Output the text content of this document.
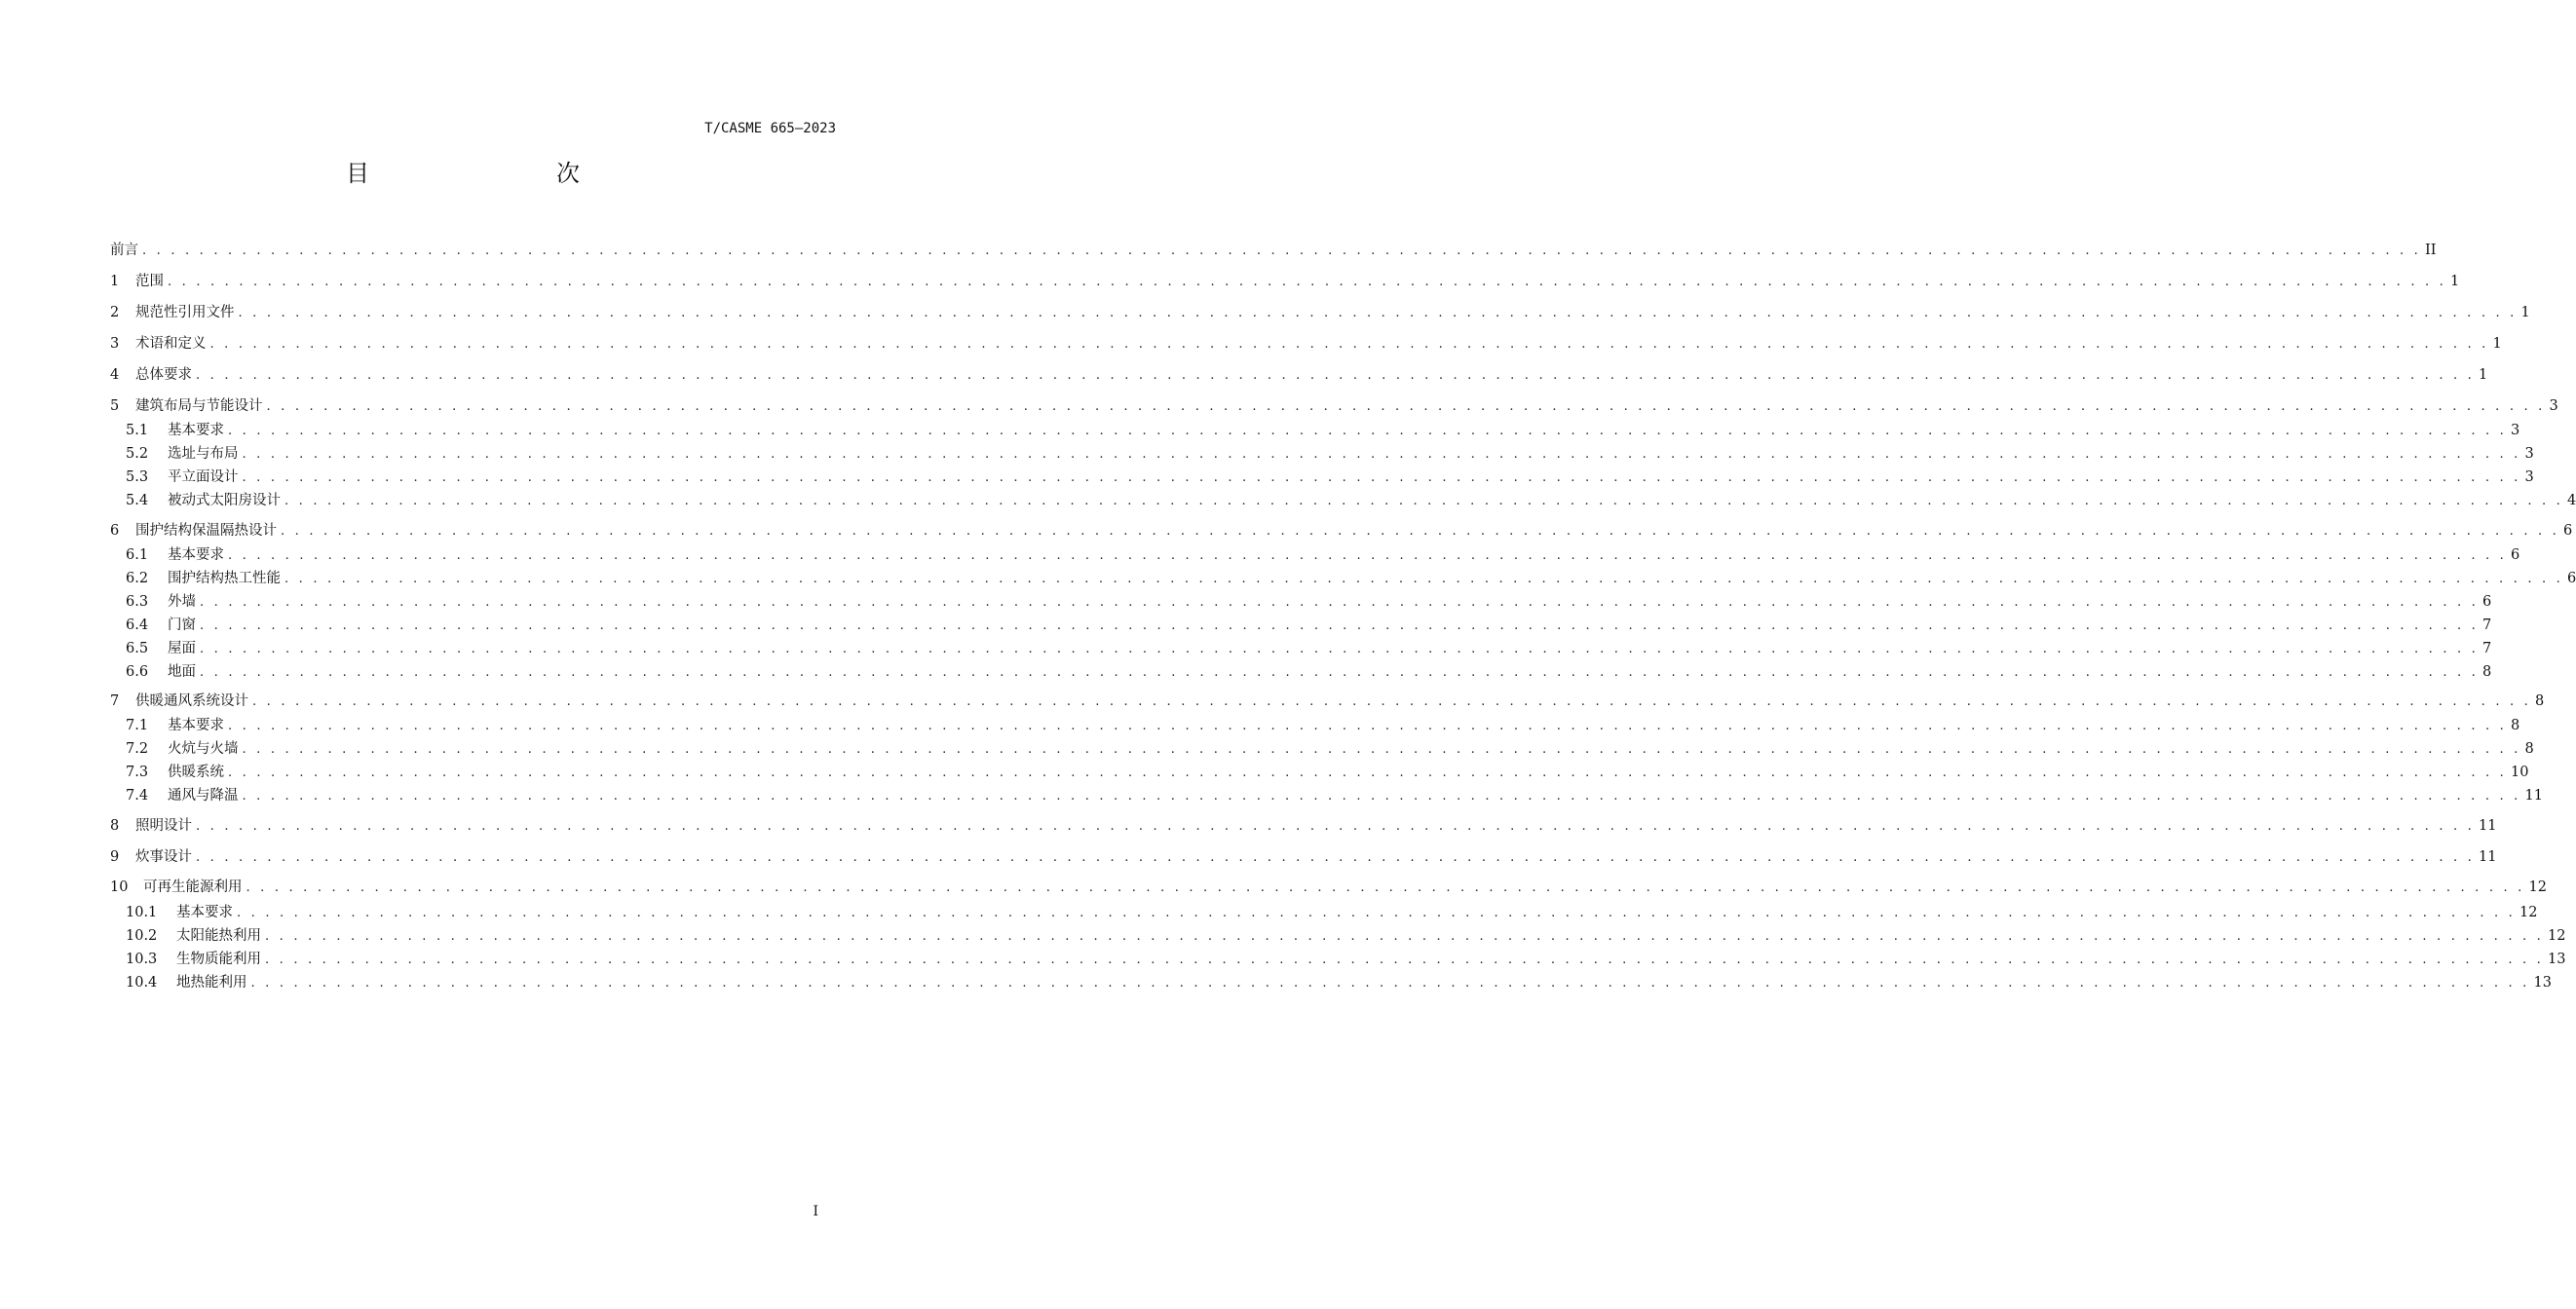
T/CASME 665—2023
目　　次
前言 . . . . . . . . . . . . . . . . . . . . . . . . . . . . . . . . . . . . . . . . . . . . . . . . . . . . . . . . . . . . . . . . . . . . . . . . . . . . . . . . . . . . . . . . . . . . . . . . . . . . . . . . . . . . . . . . . . . . . . . . . . . . . . . . . . . . . . . . . . . . . . . . . . . . . . . . . . . . . . . . II
1	范围 . . . . . . . . . . . . . . . . . . . . . . . . . . . . . . . . . . . . . . . . . . . . . . . . . . . . . . . . . . . . . . . . . . . . . . . . . . . . . . . . . . . . . . . . . . . . . . . . . . . . . . . . . . . . . . . . . . . . . . . . . . . . . . . . . . . . . . . . . . . . . . . . . . . . . . . . . . . . . . . . 1
2	规范性引用文件 . . . . . . . . . . . . . . . . . . . . . . . . . . . . . . . . . . . . . . . . . . . . . . . . . . . . . . . . . . . . . . . . . . . . . . . . . . . . . . . . . . . . . . . . . . . . . . . . . . . . . . . . . . . . . . . . . . . . . . . . . . . . . . . . . . . . . . . . . . . . . . . . . . . . . . . . . . . . . . . . 1
3	术语和定义 . . . . . . . . . . . . . . . . . . . . . . . . . . . . . . . . . . . . . . . . . . . . . . . . . . . . . . . . . . . . . . . . . . . . . . . . . . . . . . . . . . . . . . . . . . . . . . . . . . . . . . . . . . . . . . . . . . . . . . . . . . . . . . . . . . . . . . . . . . . . . . . . . . . . . . . . . . . . . . . . 1
4	总体要求 . . . . . . . . . . . . . . . . . . . . . . . . . . . . . . . . . . . . . . . . . . . . . . . . . . . . . . . . . . . . . . . . . . . . . . . . . . . . . . . . . . . . . . . . . . . . . . . . . . . . . . . . . . . . . . . . . . . . . . . . . . . . . . . . . . . . . . . . . . . . . . . . . . . . . . . . . . . . . . . . 1
5	建筑布局与节能设计 . . . . . . . . . . . . . . . . . . . . . . . . . . . . . . . . . . . . . . . . . . . . . . . . . . . . . . . . . . . . . . . . . . . . . . . . . . . . . . . . . . . . . . . . . . . . . . . . . . . . . . . . . . . . . . . . . . . . . . . . . . . . . . . . . . . . . . . . . . . . . . . . . . . . . . . . . . . . . . . . 3
5.1	基本要求 . . . . . . . . . . . . . . . . . . . . . . . . . . . . . . . . . . . . . . . . . . . . . . . . . . . . . . . . . . . . . . . . . . . . . . . . . . . . . . . . . . . . . . . . . . . . . . . . . . . . . . . . . . . . . . . . . . . . . . . . . . . . . . . . . . . . . . . . . . . . . . . . . . . . . . . . . . . . . . . . 3
5.2	选址与布局 . . . . . . . . . . . . . . . . . . . . . . . . . . . . . . . . . . . . . . . . . . . . . . . . . . . . . . . . . . . . . . . . . . . . . . . . . . . . . . . . . . . . . . . . . . . . . . . . . . . . . . . . . . . . . . . . . . . . . . . . . . . . . . . . . . . . . . . . . . . . . . . . . . . . . . . . . . . . . . . . 3
5.3	平立面设计 . . . . . . . . . . . . . . . . . . . . . . . . . . . . . . . . . . . . . . . . . . . . . . . . . . . . . . . . . . . . . . . . . . . . . . . . . . . . . . . . . . . . . . . . . . . . . . . . . . . . . . . . . . . . . . . . . . . . . . . . . . . . . . . . . . . . . . . . . . . . . . . . . . . . . . . . . . . . . . . . 3
5.4	被动式太阳房设计 . . . . . . . . . . . . . . . . . . . . . . . . . . . . . . . . . . . . . . . . . . . . . . . . . . . . . . . . . . . . . . . . . . . . . . . . . . . . . . . . . . . . . . . . . . . . . . . . . . . . . . . . . . . . . . . . . . . . . . . . . . . . . . . . . . . . . . . . . . . . . . . . . . . . . . . . . . . . . . . . 4
6	围护结构保温隔热设计 . . . . . . . . . . . . . . . . . . . . . . . . . . . . . . . . . . . . . . . . . . . . . . . . . . . . . . . . . . . . . . . . . . . . . . . . . . . . . . . . . . . . . . . . . . . . . . . . . . . . . . . . . . . . . . . . . . . . . . . . . . . . . . . . . . . . . . . . . . . . . . . . . . . . . . . . . . . . . . . . 6
6.1	基本要求 . . . . . . . . . . . . . . . . . . . . . . . . . . . . . . . . . . . . . . . . . . . . . . . . . . . . . . . . . . . . . . . . . . . . . . . . . . . . . . . . . . . . . . . . . . . . . . . . . . . . . . . . . . . . . . . . . . . . . . . . . . . . . . . . . . . . . . . . . . . . . . . . . . . . . . . . . . . . . . . . 6
6.2	围护结构热工性能 . . . . . . . . . . . . . . . . . . . . . . . . . . . . . . . . . . . . . . . . . . . . . . . . . . . . . . . . . . . . . . . . . . . . . . . . . . . . . . . . . . . . . . . . . . . . . . . . . . . . . . . . . . . . . . . . . . . . . . . . . . . . . . . . . . . . . . . . . . . . . . . . . . . . . . . . . . . . . . . . 6
6.3	外墙 . . . . . . . . . . . . . . . . . . . . . . . . . . . . . . . . . . . . . . . . . . . . . . . . . . . . . . . . . . . . . . . . . . . . . . . . . . . . . . . . . . . . . . . . . . . . . . . . . . . . . . . . . . . . . . . . . . . . . . . . . . . . . . . . . . . . . . . . . . . . . . . . . . . . . . . . . . . . . . . . 6
6.4	门窗 . . . . . . . . . . . . . . . . . . . . . . . . . . . . . . . . . . . . . . . . . . . . . . . . . . . . . . . . . . . . . . . . . . . . . . . . . . . . . . . . . . . . . . . . . . . . . . . . . . . . . . . . . . . . . . . . . . . . . . . . . . . . . . . . . . . . . . . . . . . . . . . . . . . . . . . . . . . . . . . . 7
6.5	屋面 . . . . . . . . . . . . . . . . . . . . . . . . . . . . . . . . . . . . . . . . . . . . . . . . . . . . . . . . . . . . . . . . . . . . . . . . . . . . . . . . . . . . . . . . . . . . . . . . . . . . . . . . . . . . . . . . . . . . . . . . . . . . . . . . . . . . . . . . . . . . . . . . . . . . . . . . . . . . . . . . 7
6.6	地面 . . . . . . . . . . . . . . . . . . . . . . . . . . . . . . . . . . . . . . . . . . . . . . . . . . . . . . . . . . . . . . . . . . . . . . . . . . . . . . . . . . . . . . . . . . . . . . . . . . . . . . . . . . . . . . . . . . . . . . . . . . . . . . . . . . . . . . . . . . . . . . . . . . . . . . . . . . . . . . . . 8
7	供暖通风系统设计 . . . . . . . . . . . . . . . . . . . . . . . . . . . . . . . . . . . . . . . . . . . . . . . . . . . . . . . . . . . . . . . . . . . . . . . . . . . . . . . . . . . . . . . . . . . . . . . . . . . . . . . . . . . . . . . . . . . . . . . . . . . . . . . . . . . . . . . . . . . . . . . . . . . . . . . . . . . . . . . . 8
7.1	基本要求 . . . . . . . . . . . . . . . . . . . . . . . . . . . . . . . . . . . . . . . . . . . . . . . . . . . . . . . . . . . . . . . . . . . . . . . . . . . . . . . . . . . . . . . . . . . . . . . . . . . . . . . . . . . . . . . . . . . . . . . . . . . . . . . . . . . . . . . . . . . . . . . . . . . . . . . . . . . . . . . . 8
7.2	火炕与火墙 . . . . . . . . . . . . . . . . . . . . . . . . . . . . . . . . . . . . . . . . . . . . . . . . . . . . . . . . . . . . . . . . . . . . . . . . . . . . . . . . . . . . . . . . . . . . . . . . . . . . . . . . . . . . . . . . . . . . . . . . . . . . . . . . . . . . . . . . . . . . . . . . . . . . . . . . . . . . . . . . 8
7.3	供暖系统 . . . . . . . . . . . . . . . . . . . . . . . . . . . . . . . . . . . . . . . . . . . . . . . . . . . . . . . . . . . . . . . . . . . . . . . . . . . . . . . . . . . . . . . . . . . . . . . . . . . . . . . . . . . . . . . . . . . . . . . . . . . . . . . . . . . . . . . . . . . . . . . . . . . . . . . . . . . . . . . . 10
7.4	通风与降温 . . . . . . . . . . . . . . . . . . . . . . . . . . . . . . . . . . . . . . . . . . . . . . . . . . . . . . . . . . . . . . . . . . . . . . . . . . . . . . . . . . . . . . . . . . . . . . . . . . . . . . . . . . . . . . . . . . . . . . . . . . . . . . . . . . . . . . . . . . . . . . . . . . . . . . . . . . . . . . . . 11
8	照明设计 . . . . . . . . . . . . . . . . . . . . . . . . . . . . . . . . . . . . . . . . . . . . . . . . . . . . . . . . . . . . . . . . . . . . . . . . . . . . . . . . . . . . . . . . . . . . . . . . . . . . . . . . . . . . . . . . . . . . . . . . . . . . . . . . . . . . . . . . . . . . . . . . . . . . . . . . . . . . . . . . 11
9	炊事设计 . . . . . . . . . . . . . . . . . . . . . . . . . . . . . . . . . . . . . . . . . . . . . . . . . . . . . . . . . . . . . . . . . . . . . . . . . . . . . . . . . . . . . . . . . . . . . . . . . . . . . . . . . . . . . . . . . . . . . . . . . . . . . . . . . . . . . . . . . . . . . . . . . . . . . . . . . . . . . . . . 11
10	可再生能源利用 . . . . . . . . . . . . . . . . . . . . . . . . . . . . . . . . . . . . . . . . . . . . . . . . . . . . . . . . . . . . . . . . . . . . . . . . . . . . . . . . . . . . . . . . . . . . . . . . . . . . . . . . . . . . . . . . . . . . . . . . . . . . . . . . . . . . . . . . . . . . . . . . . . . . . . . . . . . . . . . . 12
10.1	基本要求 . . . . . . . . . . . . . . . . . . . . . . . . . . . . . . . . . . . . . . . . . . . . . . . . . . . . . . . . . . . . . . . . . . . . . . . . . . . . . . . . . . . . . . . . . . . . . . . . . . . . . . . . . . . . . . . . . . . . . . . . . . . . . . . . . . . . . . . . . . . . . . . . . . . . . . . . . . . . . . . . 12
10.2	太阳能热利用 . . . . . . . . . . . . . . . . . . . . . . . . . . . . . . . . . . . . . . . . . . . . . . . . . . . . . . . . . . . . . . . . . . . . . . . . . . . . . . . . . . . . . . . . . . . . . . . . . . . . . . . . . . . . . . . . . . . . . . . . . . . . . . . . . . . . . . . . . . . . . . . . . . . . . . . . . . . . . . . . 12
10.3	生物质能利用 . . . . . . . . . . . . . . . . . . . . . . . . . . . . . . . . . . . . . . . . . . . . . . . . . . . . . . . . . . . . . . . . . . . . . . . . . . . . . . . . . . . . . . . . . . . . . . . . . . . . . . . . . . . . . . . . . . . . . . . . . . . . . . . . . . . . . . . . . . . . . . . . . . . . . . . . . . . . . . . . 13
10.4	地热能利用 . . . . . . . . . . . . . . . . . . . . . . . . . . . . . . . . . . . . . . . . . . . . . . . . . . . . . . . . . . . . . . . . . . . . . . . . . . . . . . . . . . . . . . . . . . . . . . . . . . . . . . . . . . . . . . . . . . . . . . . . . . . . . . . . . . . . . . . . . . . . . . . . . . . . . . . . . . . . . . . . 13
I
